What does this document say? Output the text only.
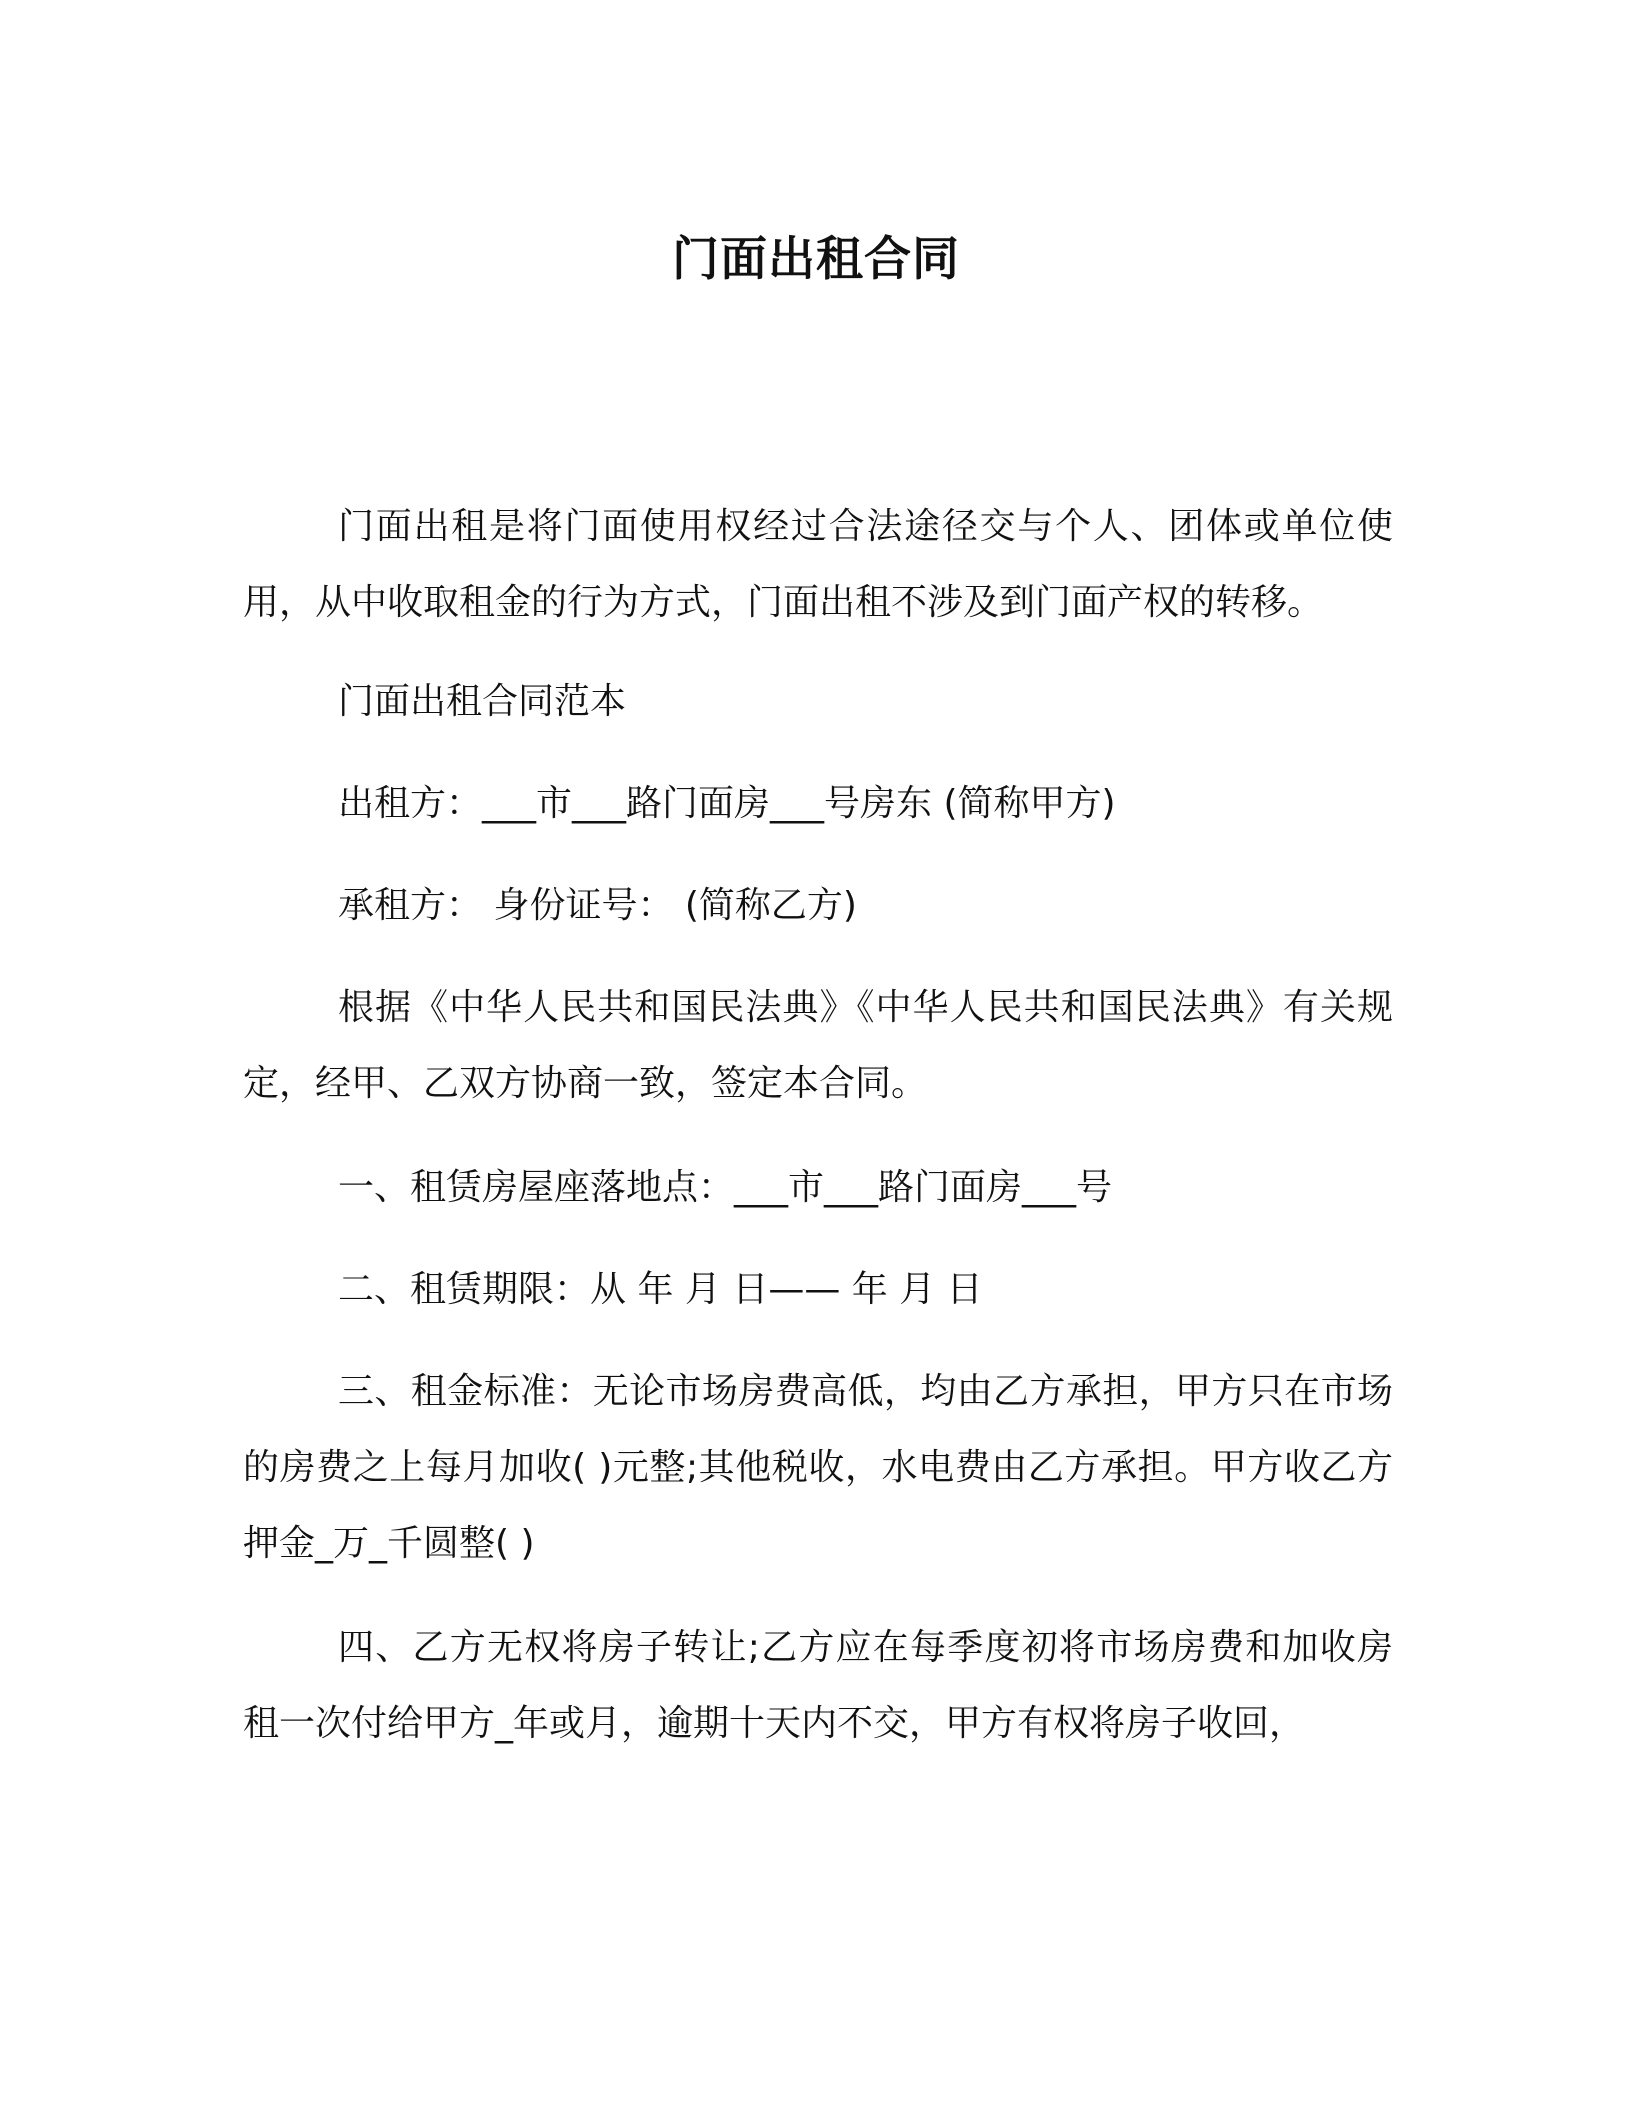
门面出租合同

门面出租是将门面使用权经过合法途径交与个人、团体或单位使用，从中收取租金的行为方式，门面出租不涉及到门面产权的转移。

门面出租合同范本

出租方：___市___路门面房___号房东 (简称甲方)

承租方： 身份证号： (简称乙方)

根据《中华人民共和国民法典》《中华人民共和国民法典》有关规定，经甲、乙双方协商一致，签定本合同。

一、租赁房屋座落地点：___市___路门面房___号

二、租赁期限：从 年 月 日—— 年 月 日

三、租金标准：无论市场房费高低，均由乙方承担，甲方只在市场的房费之上每月加收( )元整;其他税收，水电费由乙方承担。甲方收乙方押金_万_千圆整( )

四、乙方无权将房子转让;乙方应在每季度初将市场房费和加收房租一次付给甲方_年或月，逾期十天内不交，甲方有权将房子收回，
